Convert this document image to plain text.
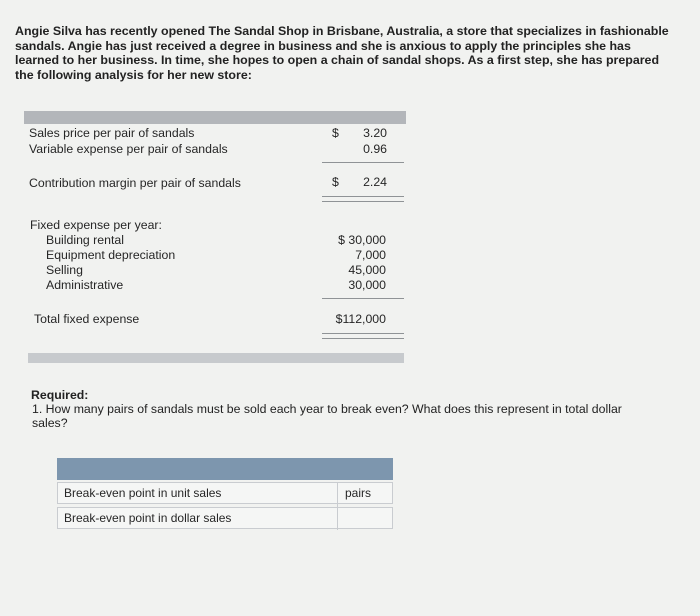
Angie Silva has recently opened The Sandal Shop in Brisbane, Australia, a store that specializes in fashionable sandals. Angie has just received a degree in business and she is anxious to apply the principles she has learned to her business. In time, she hopes to open a chain of sandal shops. As a first step, she has prepared the following analysis for her new store:
Sales price per pair of sandals	$	3.20
Variable expense per pair of sandals	0.96
Contribution margin per pair of sandals	$	2.24
Fixed expense per year:
Building rental	$ 30,000
Equipment depreciation	7,000
Selling	45,000
Administrative	30,000
Total fixed expense	$112,000
Required:
1. How many pairs of sandals must be sold each year to break even? What does this represent in total dollar sales?
Break-even point in unit sales	pairs
Break-even point in dollar sales
